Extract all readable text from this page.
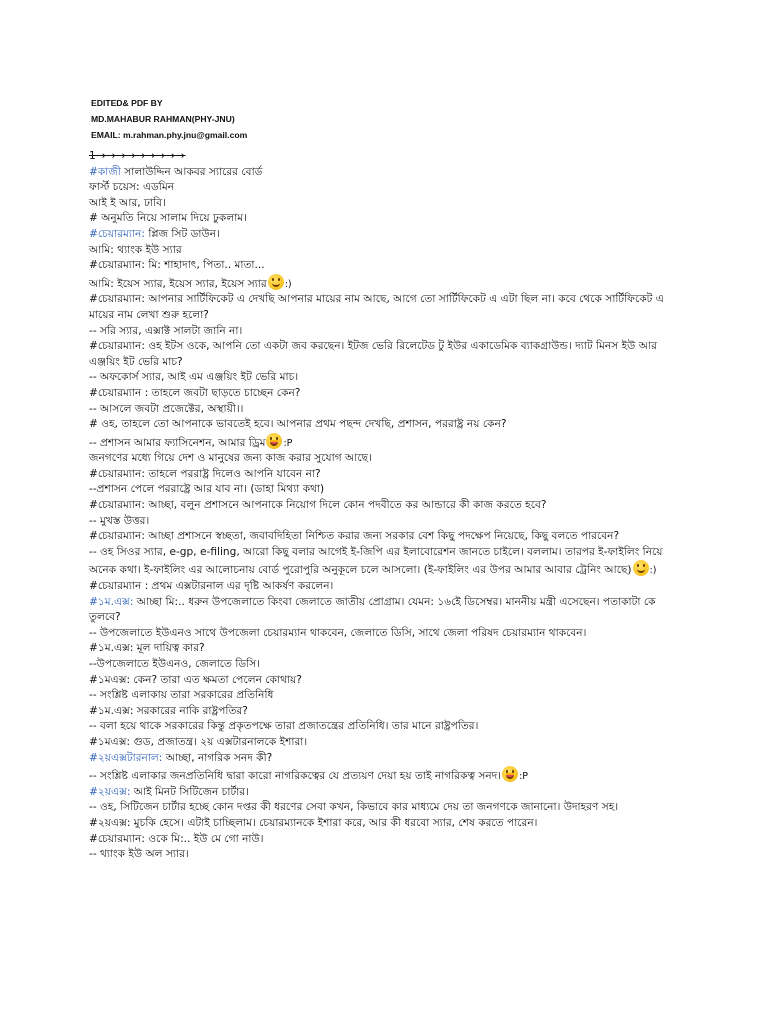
EDITED& PDF BY
MD.MAHABUR RAHMAN(PHY-JNU)
EMAIL: m.rahman.phy.jnu@gmail.com
1→→→→→→→→→
#কাজী সালাউদ্দিন আকবর স্যারের বোর্ড
ফার্স্ট চয়েস: এডমিন
আই ই আর, ঢাবি।
# অনুমতি নিয়ে সালাম দিয়ে ঢুকলাম।
#চেয়ারম্যান: প্লিজ সিট ডাউন।
আমি: থ্যাংক ইউ স্যার
#চেয়ারম্যান: মি: শাহাদাৎ, পিতা.. মাতা...
আমি: ইয়েস স্যার, ইয়েস স্যার, ইয়েস স্যার :)
#চেয়ারম্যান: আপনার সার্টিফিকেট এ দেখছি আপনার মায়ের নাম আছে, আগে তো সার্টিফিকেট এ এটা ছিল না। কবে থেকে সার্টিফিকেট এ মায়ের নাম লেখা শুরু হলো?
-- সরি স্যার, এক্সাক্ট সালটা জানি না।
#চেয়ারম্যান: ওহ ইটস ওকে, আপনি তো একটা জব করছেন। ইটজ ভেরি রিলেটেড টু ইউর একাডেমিক ব্যাকগ্রাউন্ড। দ্যাট মিনস ইউ আর এঞ্জয়িং ইট ভেরি মাচ?
-- অফকোর্স স্যার, আই এম এঞ্জয়িং ইট ভেরি মাচ।
#চেয়ারম্যান : তাহলে জবটা ছাড়তে চাচ্ছেন কেন?
-- আসলে জবটা প্রজেক্টের, অস্থায়ী।।
# ওহ, তাহলে তো আপনাকে ভাবতেই হবে। আপনার প্রথম পছন্দ দেখছি, প্রশাসন, পররাষ্ট্র নয় কেন?
-- প্রশাসন আমার ফ্যাসিনেশন, আমার ড্রিম :P
জনগণের মধ্যে গিয়ে দেশ ও মানুষের জন্য কাজ করার সুযোগ আছে।
#চেয়ারম্যান: তাহলে পররাষ্ট্র দিলেও আপনি যাবেন না?
--প্রশাসন পেলে পররাষ্ট্রে আর যাব না। (ডাহা মিথ্যা কথা)
#চেয়ারম্যান: আচ্ছা, বলুন প্রশাসনে আপনাকে নিয়োগ দিলে কোন পদবীতে কর আন্ডারে কী কাজ করতে হবে?
-- মুখস্ত উত্তর।
#চেয়ারম্যান: আচ্ছা প্রশাসনে স্বচ্ছতা, জবাবদিহিতা নিশ্চিত করার জন্য সরকার বেশ কিছু পদক্ষেপ নিয়েছে, কিছু বলতে পারবেন?
-- ওহ সিওর স্যার, e-gp, e-filing, আরো কিছু বলার আগেই ই-জিপি এর ইলাবোরেশন জানতে চাইলে। বললাম। তারপর ই-ফাইলিং নিয়ে অনেক কথা। ই-ফাইলিং এর আলোচনায় বোর্ড পুরোপুরি অনুকূলে চলে আসলো। (ই-ফাইলিং এর উপর আমার আবার ট্রেনিং আছে) :)
#চেয়ারম্যান : প্রথম এক্সটারনাল এর দৃষ্টি আকর্ষণ করলেন।
#১ম.এক্স: আচ্ছা মি:.. ধরুন উপজেলাতে কিংবা জেলাতে জাতীয় প্রোগ্রাম। যেমন: ১৬ইে ডিসেম্বর। মাননীয় মন্ত্রী এসেছেন। পতাকাটা কে তুলবে?
-- উপজেলাতে ইউএনও সাথে উপজেলা চেয়ারম্যান থাকবেন, জেলাতে ডিসি, সাথে জেলা পরিষদ চেয়ারম্যান থাকবেন।
#১ম.এক্স: মূল দায়িত্ব কার?
--উপজেলাতে ইউএনও, জেলাতে ডিসি।
#১মএক্স: কেন? তারা এত ক্ষমতা পেলেন কোথায়?
-- সংশ্লিষ্ট এলাকায় তারা সরকারের প্রতিনিধি
#১ম.এক্স: সরকারের নাকি রাষ্ট্রপতির?
-- বলা হয়ে থাকে সরকারের কিন্তু প্রকৃতপক্ষে তারা প্রজাতন্ত্রের প্রতিনিধি। তার মানে রাষ্ট্রপতির।
#১মএক্স: গুড, প্রজাতন্ত্র। ২য় এক্সটারনালকে ইশারা।
#২য়এক্সটারনাল: আচ্ছা, নাগরিক সনদ কী?
-- সংশ্লিষ্ট এলাকার জনপ্রতিনিধি দ্বারা কারো নাগরিকত্বের যে প্রত্যয়ণ দেয়া হয় তাই নাগরিকত্ব সনদ। :P
#২য়এক্স: আই মিনট সিটিজেন চার্টার।
-- ওহ, সিটিজেন চার্টার হচ্ছে কোন দপ্তর কী ধরণের সেবা কখন, কিভাবে কার মাধ্যমে দেয় তা জনগণকে জানানো। উদাহরণ সহ।
#২য়এক্স: মুচকি হেসে। এটাই চাচ্ছিলাম। চেয়ারম্যানকে ইশারা করে, আর কী ধরবো স্যার, শেষ করতে পারেন।
#চেয়ারম্যান: ওকে মি:.. ইউ মে গো নাউ।
-- থ্যাংক ইউ অল স্যার।
